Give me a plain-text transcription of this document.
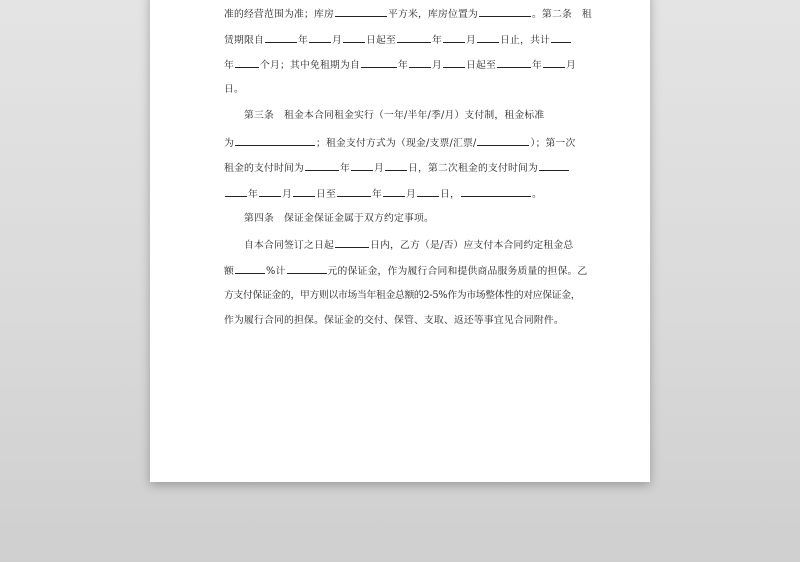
准的经营范围为准；库房	平方米，库房位置为	。第二条　租
赁期限自	年 月 日起至	年 月 日止，共计
年	个月；其中免租期为自	年 月 日起至	年 月
日。
第三条　租金本合同租金实行（一年/半年/季/月）支付制，租金标准
为	；租金支付方式为（现金/支票/汇票/	）；第一次
租金的支付时间为	年 月 日，第二次租金的支付时间为
年 月 日至	年 月 日，	。
第四条　保证金保证金属于双方约定事项。
自本合同签订之日起	日内，乙方（是/否）应支付本合同约定租金总
额	%计	元的保证金，作为履行合同和提供商品服务质量的担保。乙
方支付保证金的，甲方则以市场当年租金总额的2-5%作为市场整体性的对应保证金，
作为履行合同的担保。保证金的交付、保管、支取、返还等事宜见合同附件。
